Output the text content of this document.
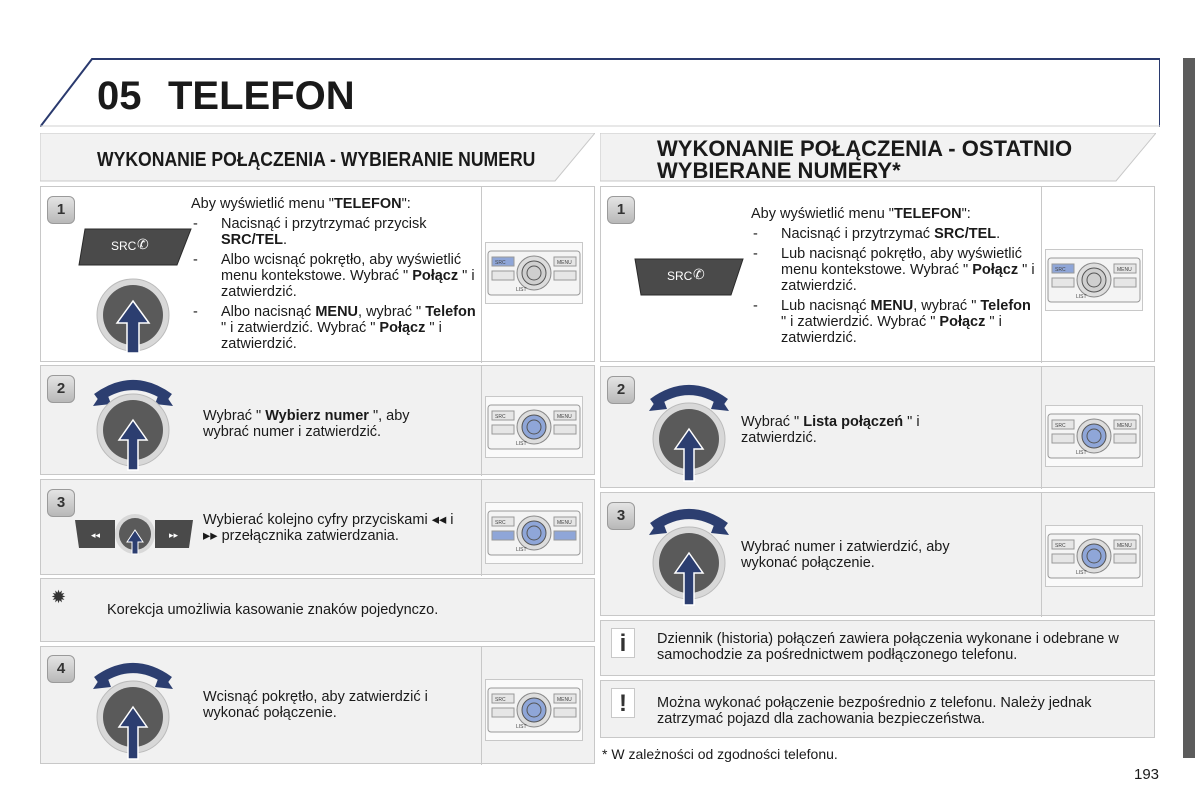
05 TELEFON
WYKONANIE POŁĄCZENIA - WYBIERANIE NUMERU	WYKONANIE POŁĄCZENIA - OSTATNIO WYBIERANE NUMERY*
1
SRC ✆
Aby wyświetlić menu "TELEFON":
- Nacisnąć i przytrzymać przycisk SRC/TEL.
- Albo wcisnąć pokrętło, aby wyświetlić menu kontekstowe. Wybrać " Połącz " i zatwierdzić.
- Albo nacisnąć MENU, wybrać " Telefon " i zatwierdzić. Wybrać " Połącz " i zatwierdzić.
SRC	MENU
LIST
2
Wybrać " Wybierz numer ", aby wybrać numer i zatwierdzić.
SRC	MENU
LIST
3
◂◂	▸▸
Wybierać kolejno cyfry przyciskami ◂◂ i ▸▸ przełącznika zatwierdzania.
SRC	MENU
LIST
✹
Korekcja umożliwia kasowanie znaków pojedynczo.
4
Wcisnąć pokrętło, aby zatwierdzić i wykonać połączenie.
SRC	MENU
LIST
1
SRC ✆
Aby wyświetlić menu "TELEFON":
- Nacisnąć i przytrzymać SRC/TEL.
- Lub nacisnąć pokrętło, aby wyświetlić menu kontekstowe. Wybrać " Połącz " i zatwierdzić.
- Lub nacisnąć MENU, wybrać " Telefon " i zatwierdzić. Wybrać " Połącz " i zatwierdzić.
SRC	MENU
LIST
2
Wybrać " Lista połączeń " i zatwierdzić.
SRC	MENU
LIST
3
Wybrać numer i zatwierdzić, aby wykonać połączenie.
SRC	MENU
LIST
i	Dziennik (historia) połączeń zawiera połączenia wykonane i odebrane w samochodzie za pośrednictwem podłączonego telefonu.
!	Można wykonać połączenie bezpośrednio z telefonu. Należy jednak zatrzymać pojazd dla zachowania bezpieczeństwa.
* W zależności od zgodności telefonu.
193
